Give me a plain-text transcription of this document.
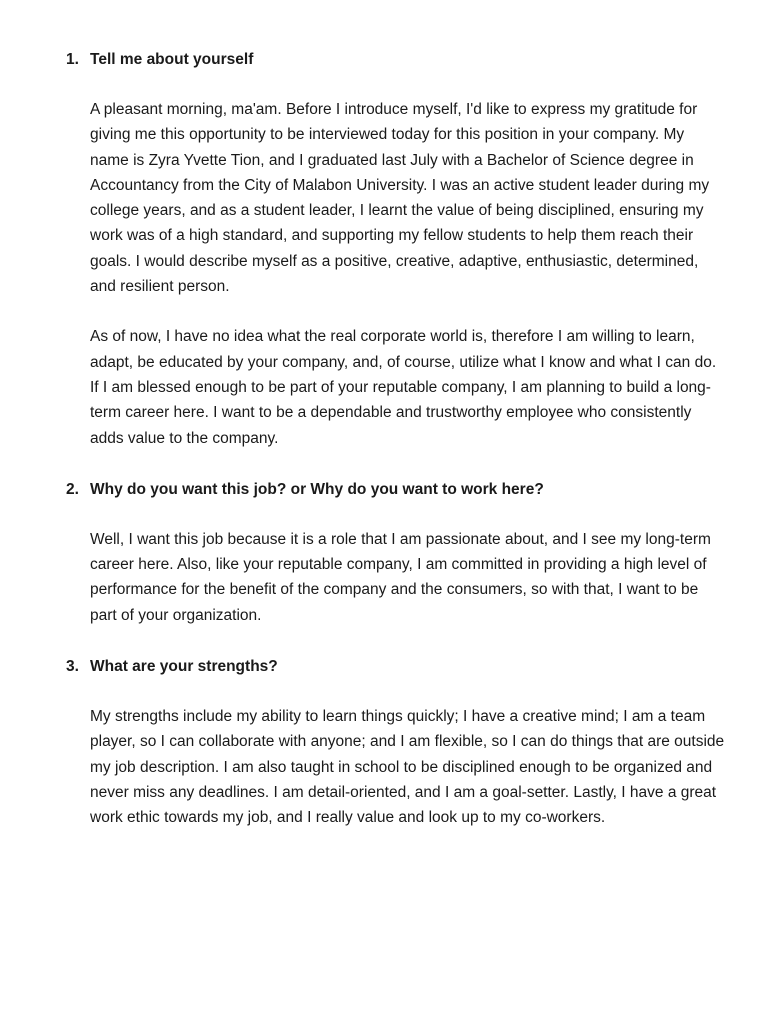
1. Tell me about yourself

A pleasant morning, ma'am. Before I introduce myself, I'd like to express my gratitude for giving me this opportunity to be interviewed today for this position in your company. My name is Zyra Yvette Tion, and I graduated last July with a Bachelor of Science degree in Accountancy from the City of Malabon University. I was an active student leader during my college years, and as a student leader, I learnt the value of being disciplined, ensuring my work was of a high standard, and supporting my fellow students to help them reach their goals. I would describe myself as a positive, creative, adaptive, enthusiastic, determined, and resilient person.

As of now, I have no idea what the real corporate world is, therefore I am willing to learn, adapt, be educated by your company, and, of course, utilize what I know and what I can do. If I am blessed enough to be part of your reputable company, I am planning to build a long-term career here. I want to be a dependable and trustworthy employee who consistently adds value to the company.

2. Why do you want this job? or Why do you want to work here?

Well, I want this job because it is a role that I am passionate about, and I see my long-term career here. Also, like your reputable company, I am committed in providing a high level of performance for the benefit of the company and the consumers, so with that, I want to be part of your organization.

3. What are your strengths?

My strengths include my ability to learn things quickly; I have a creative mind; I am a team player, so I can collaborate with anyone; and I am flexible, so I can do things that are outside my job description. I am also taught in school to be disciplined enough to be organized and never miss any deadlines. I am detail-oriented, and I am a goal-setter. Lastly, I have a great work ethic towards my job, and I really value and look up to my co-workers.
